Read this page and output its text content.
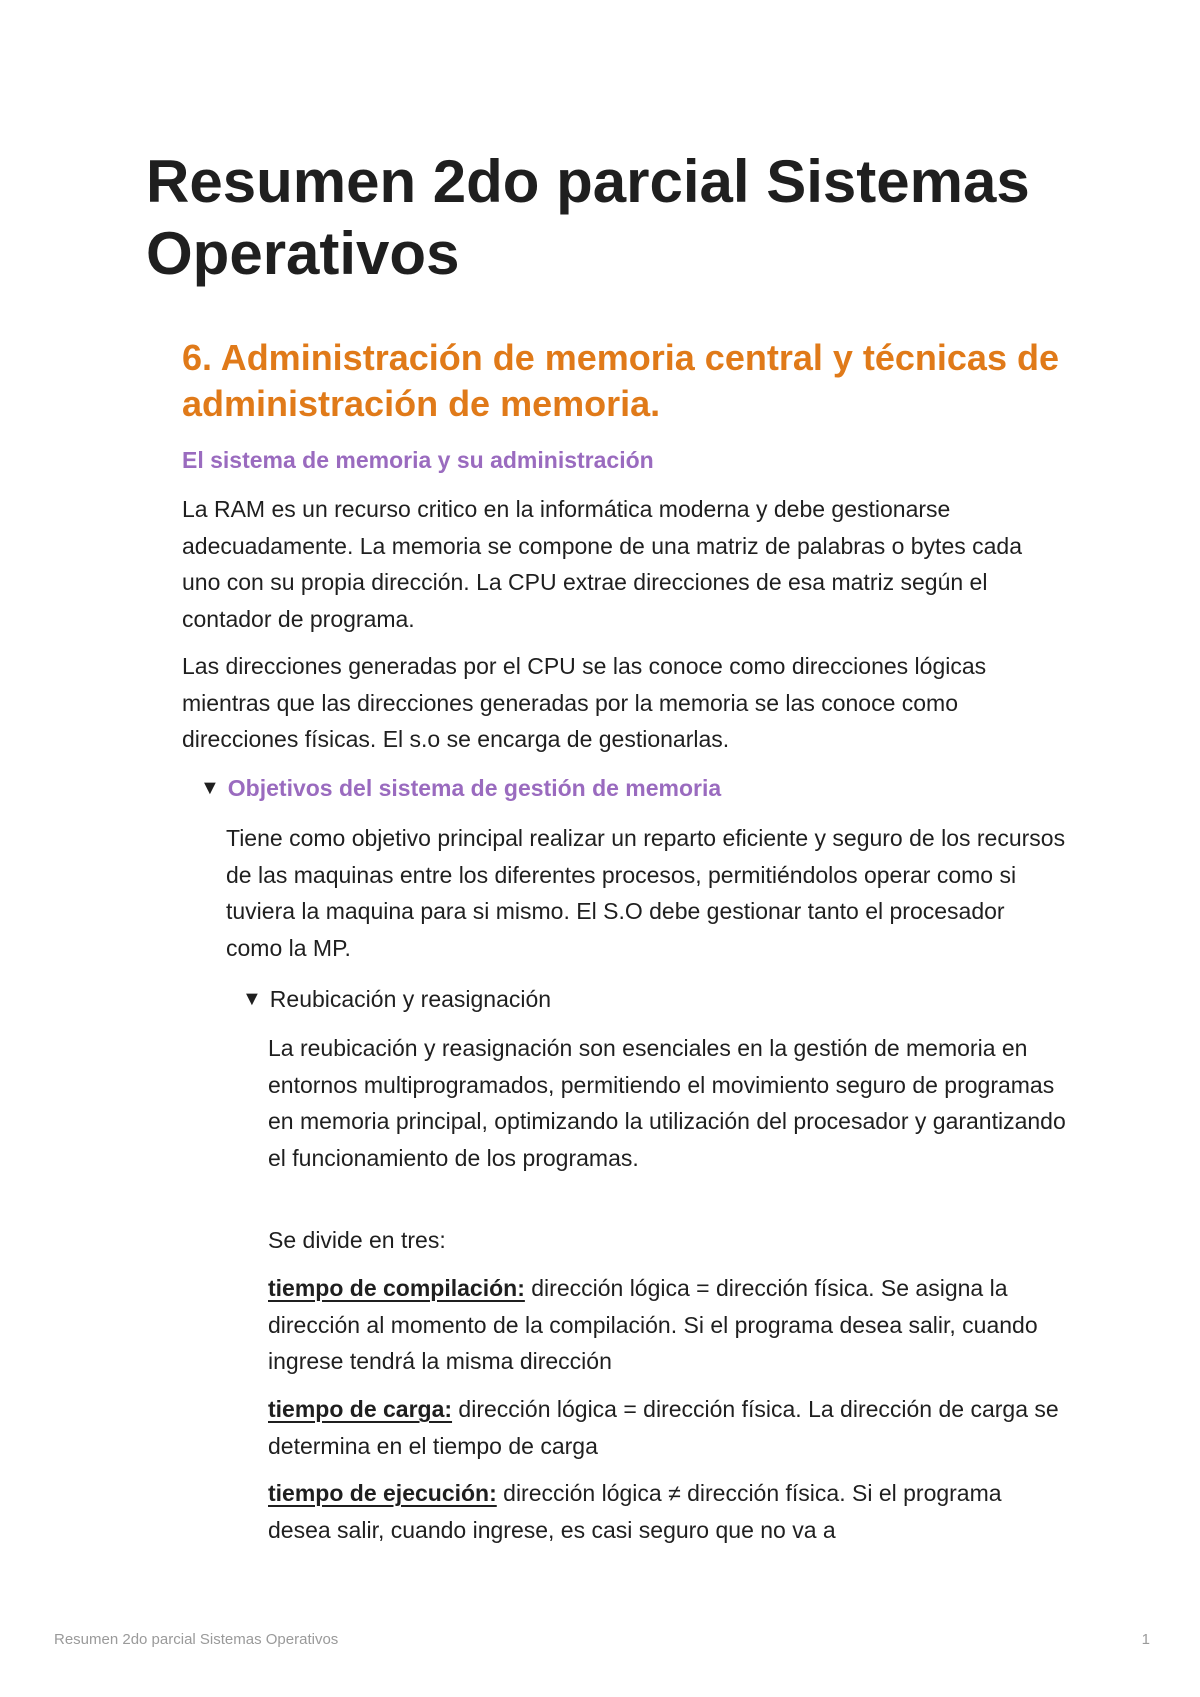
Resumen 2do parcial Sistemas Operativos
6. Administración de memoria central y técnicas de administración de memoria.
El sistema de memoria y su administración

La RAM es un recurso critico en la informática moderna y debe gestionarse adecuadamente. La memoria se compone de una matriz de palabras o bytes cada uno con su propia dirección. La CPU extrae direcciones de esa matriz según el contador de programa.

Las direcciones generadas por el CPU se las conoce como direcciones lógicas mientras que las direcciones generadas por la memoria se las conoce como direcciones físicas. El s.o se encarga de gestionarlas.

▼ Objetivos del sistema de gestión de memoria

Tiene como objetivo principal realizar un reparto eficiente y seguro de los recursos de las maquinas entre los diferentes procesos, permitiéndolos operar como si tuviera la maquina para si mismo. El S.O debe gestionar tanto el procesador como la MP.

▼ Reubicación y reasignación

La reubicación y reasignación son esenciales en la gestión de memoria en entornos multiprogramados, permitiendo el movimiento seguro de programas en memoria principal, optimizando la utilización del procesador y garantizando el funcionamiento de los programas.

Se divide en tres:

tiempo de compilación: dirección lógica = dirección física. Se asigna la dirección al momento de la compilación. Si el programa desea salir, cuando ingrese tendrá la misma dirección

tiempo de carga: dirección lógica = dirección física. La dirección de carga se determina en el tiempo de carga

tiempo de ejecución: dirección lógica ≠ dirección física. Si el programa desea salir, cuando ingrese, es casi seguro que no va a

Resumen 2do parcial Sistemas Operativos	1
